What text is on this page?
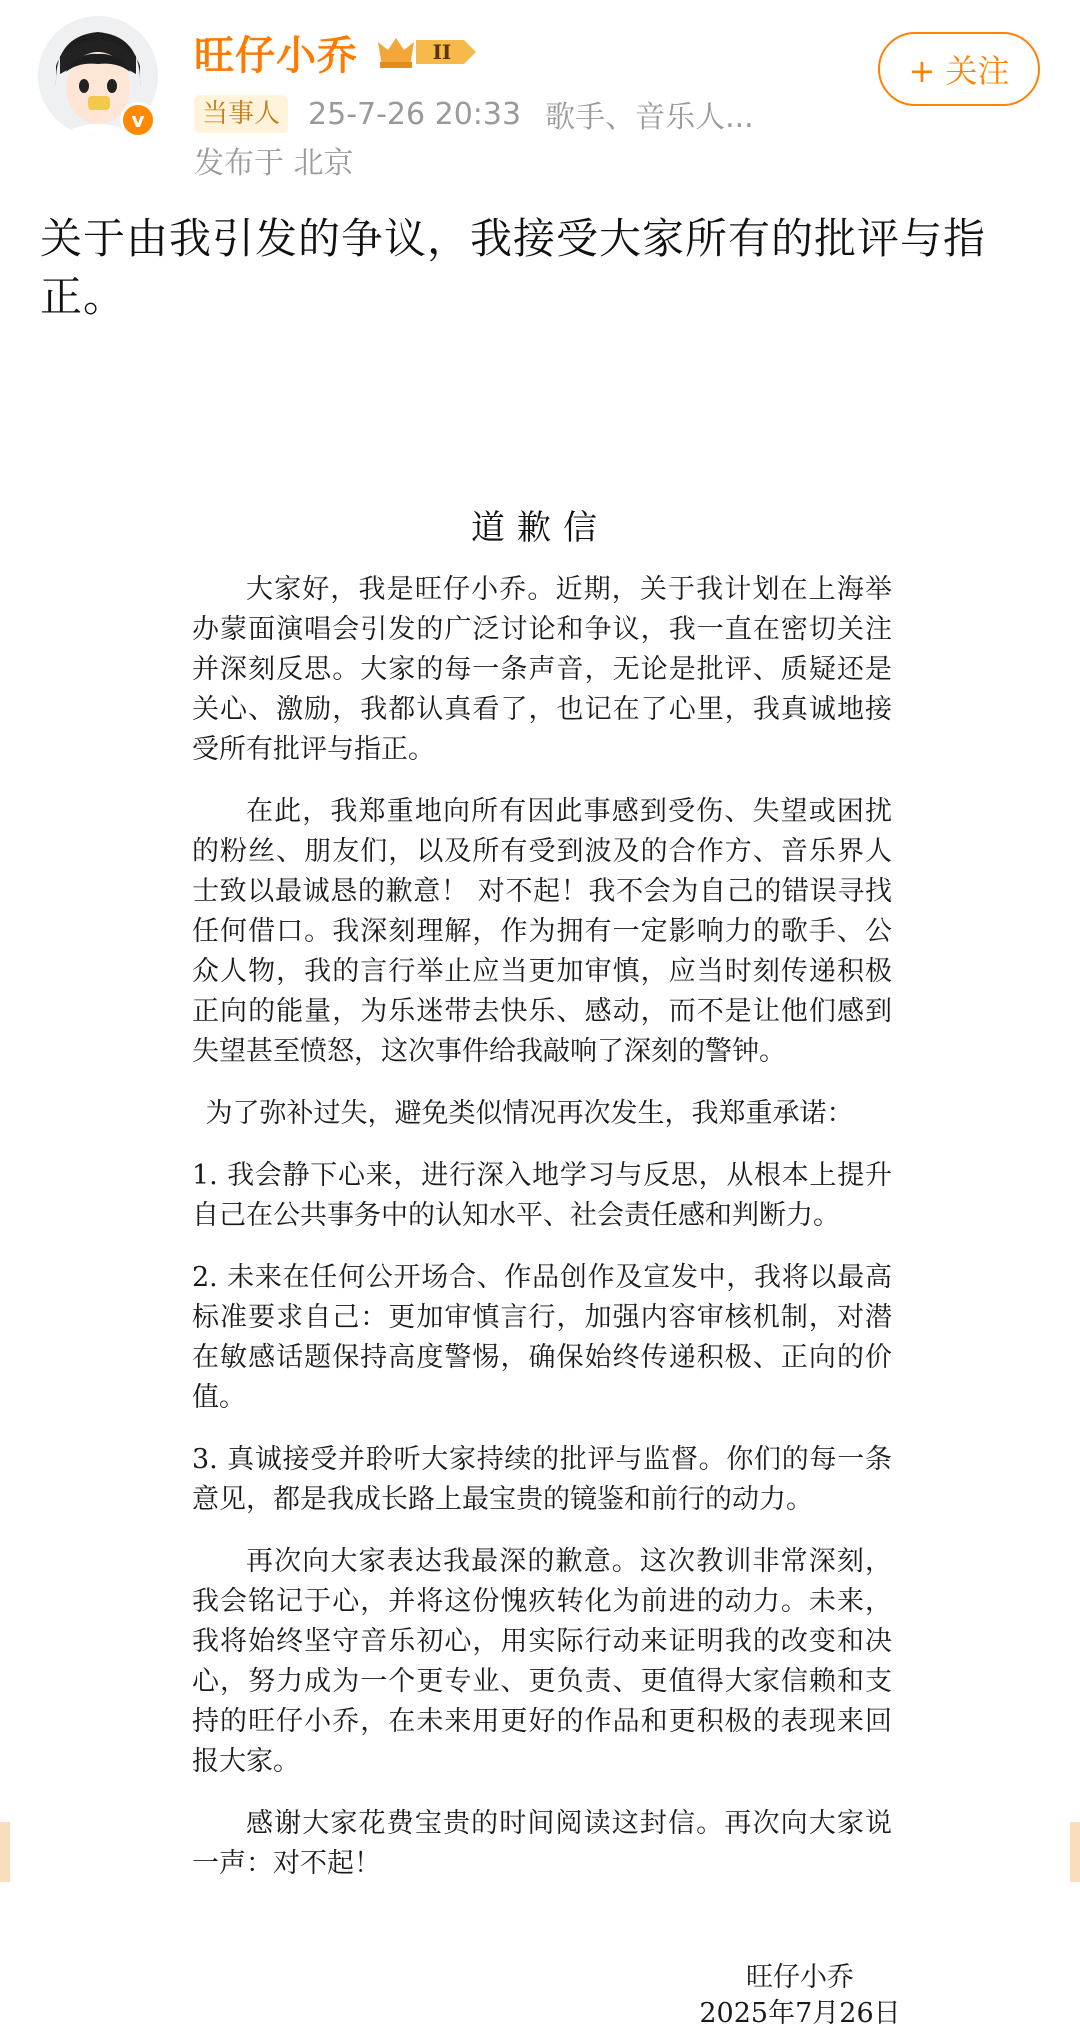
v
旺仔小乔	II
当事人 25-7-26 20:33 歌手、音乐人...
发布于 北京
+ 关注
关于由我引发的争议，我接受大家所有的批评与指正。
道歉信

大家好，我是旺仔小乔。近期，关于我计划在上海举办蒙面演唱会引发的广泛讨论和争议，我一直在密切关注并深刻反思。大家的每一条声音，无论是批评、质疑还是关心、激励，我都认真看了，也记在了心里，我真诚地接受所有批评与指正。

在此，我郑重地向所有因此事感到受伤、失望或困扰的粉丝、朋友们，以及所有受到波及的合作方、音乐界人士致以最诚恳的歉意！ 对不起！我不会为自己的错误寻找任何借口。我深刻理解，作为拥有一定影响力的歌手、公众人物，我的言行举止应当更加审慎，应当时刻传递积极正向的能量，为乐迷带去快乐、感动，而不是让他们感到失望甚至愤怒，这次事件给我敲响了深刻的警钟。

为了弥补过失，避免类似情况再次发生，我郑重承诺：

1. 我会静下心来，进行深入地学习与反思，从根本上提升自己在公共事务中的认知水平、社会责任感和判断力。

2. 未来在任何公开场合、作品创作及宣发中，我将以最高标准要求自己：更加审慎言行，加强内容审核机制，对潜在敏感话题保持高度警惕，确保始终传递积极、正向的价值。

3. 真诚接受并聆听大家持续的批评与监督。你们的每一条意见，都是我成长路上最宝贵的镜鉴和前行的动力。

再次向大家表达我最深的歉意。这次教训非常深刻，我会铭记于心，并将这份愧疚转化为前进的动力。未来，我将始终坚守音乐初心，用实际行动来证明我的改变和决心，努力成为一个更专业、更负责、更值得大家信赖和支持的旺仔小乔，在未来用更好的作品和更积极的表现来回报大家。

感谢大家花费宝贵的时间阅读这封信。再次向大家说一声：对不起！

旺仔小乔
2025年7月26日
